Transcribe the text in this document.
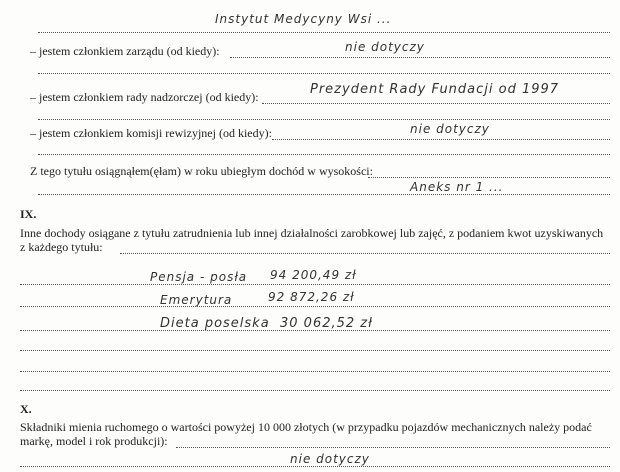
Instytut Medycyny Wsi ...
– jestem członkiem zarządu (od kiedy):	nie dotyczy
– jestem członkiem rady nadzorczej (od kiedy):	Prezydent Rady Fundacji od 1997
– jestem członkiem komisji rewizyjnej (od kiedy):	nie dotyczy
Z tego tytułu osiągnąłem(ęłam) w roku ubiegłym dochód w wysokości:
Aneks nr 1 ...
IX.
Inne dochody osiągane z tytułu zatrudnienia lub innej działalności zarobkowej lub zajęć, z podaniem kwot uzyskiwanych
z każdego tytułu:
Pensja - posła 94 200,49 zł
Emerytura	92 872,26 zł
Dieta poselska 30 062,52 zł
X.
Składniki mienia ruchomego o wartości powyżej 10 000 złotych (w przypadku pojazdów mechanicznych należy podać
markę, model i rok produkcji):
nie dotyczy
